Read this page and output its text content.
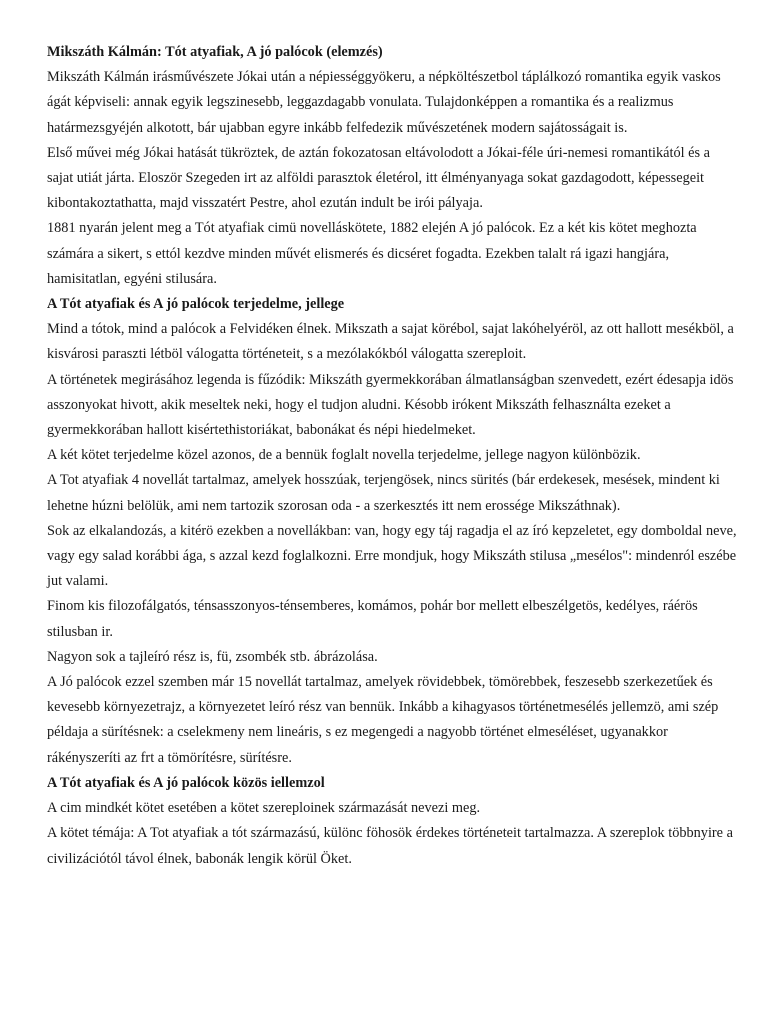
Mikszáth Kálmán: Tót atyafiak, A jó palócok (elemzés)

Mikszáth Kálmán irásművészete Jókai után a népiességgyökeru, a népköltészetbol táplálkozó romantika egyik vaskos ágát képviseli: annak egyik legszinesebb, leggazdagabb vonulata. Tulajdonképpen a romantika és a realizmus határmezsgyéjén alkotott, bár ujabban egyre inkább felfedezik művészetének modern sajátosságait is.

Első művei még Jókai hatását tükröztek, de aztán fokozatosan eltávolodott a Jókai-féle úri-nemesi romantikától és a sajat utiát járta. Eloször Szegeden irt az alföldi parasztok életérol, itt élményanyaga sokat gazdagodott, képessegeit kibontakoztathatta, majd visszatért Pestre, ahol ezután indult be irói pályaja.

1881 nyarán jelent meg a Tót atyafiak cimü novelláskötete, 1882 elején A jó palócok. Ez a két kis kötet meghozta számára a sikert, s ettól kezdve minden művét elismerés és dicséret fogadta. Ezekben talalt rá igazi hangjára, hamisitatlan, egyéni stilusára.

A Tót atyafiak és A jó palócok terjedelme, jellege

Mind a tótok, mind a palócok a Felvidéken élnek. Mikszath a sajat körébol, sajat lakóhelyéröl, az ott hallott mesékböl, a kisvárosi paraszti létböl válogatta történeteit, s a mezólakókból válogatta szereploit.

A történetek megirásához legenda is fűzódik: Mikszáth gyermekkorában álmatlanságban szenvedett, ezért édesapja idös asszonyokat hivott, akik meseltek neki, hogy el tudjon aludni. Késobb irókent Mikszáth felhasználta ezeket a gyermekkorában hallott kisértethistoriákat, babonákat és népi hiedelmeket.

A két kötet terjedelme közel azonos, de a bennük foglalt novella terjedelme, jellege nagyon különbözik.

A Tot atyafiak 4 novellát tartalmaz, amelyek hosszúak, terjengösek, nincs sürités (bár erdekesek, mesések, mindent ki lehetne húzni belölük, ami nem tartozik szorosan oda - a szerkesztés itt nem erossége Mikszáthnak).

Sok az elkalandozás, a kitérö ezekben a novellákban: van, hogy egy táj ragadja el az író kepzeletet, egy domboldal neve, vagy egy salad korábbi ága, s azzal kezd foglalkozni. Erre mondjuk, hogy Mikszáth stilusa „mesélos": mindenról eszébe jut valami.

Finom kis filozofálgatós, ténsasszonyos-ténsemberes, komámos, pohár bor mellett elbeszélgetös, kedélyes, ráérös stilusban ir.

Nagyon sok a tajleíró rész is, fü, zsombék stb. ábrázolása.

A Jó palócok ezzel szemben már 15 novellát tartalmaz, amelyek rövidebbek, tömörebbek, feszesebb szerkezetűek és kevesebb környezetrajz, a környezetet leíró rész van bennük. Inkább a kihagyasos történetmesélés jellemzö, ami szép példaja a sürítésnek: a cselekmeny nem lineáris, s ez megengedi a nagyobb történet elmeséléset, ugyanakkor rákényszeríti az frt a tömörítésre, sürítésre.

A Tót atyafiak és A jó palócok közös iellemzol

A cim mindkét kötet esetében a kötet szereploinek származását nevezi meg.

A kötet témája: A Tot atyafiak a tót származású, különc föhosök érdekes történeteit tartalmazza. A szereplok többnyire a civilizációtól távol élnek, babonák lengik körül Öket.
